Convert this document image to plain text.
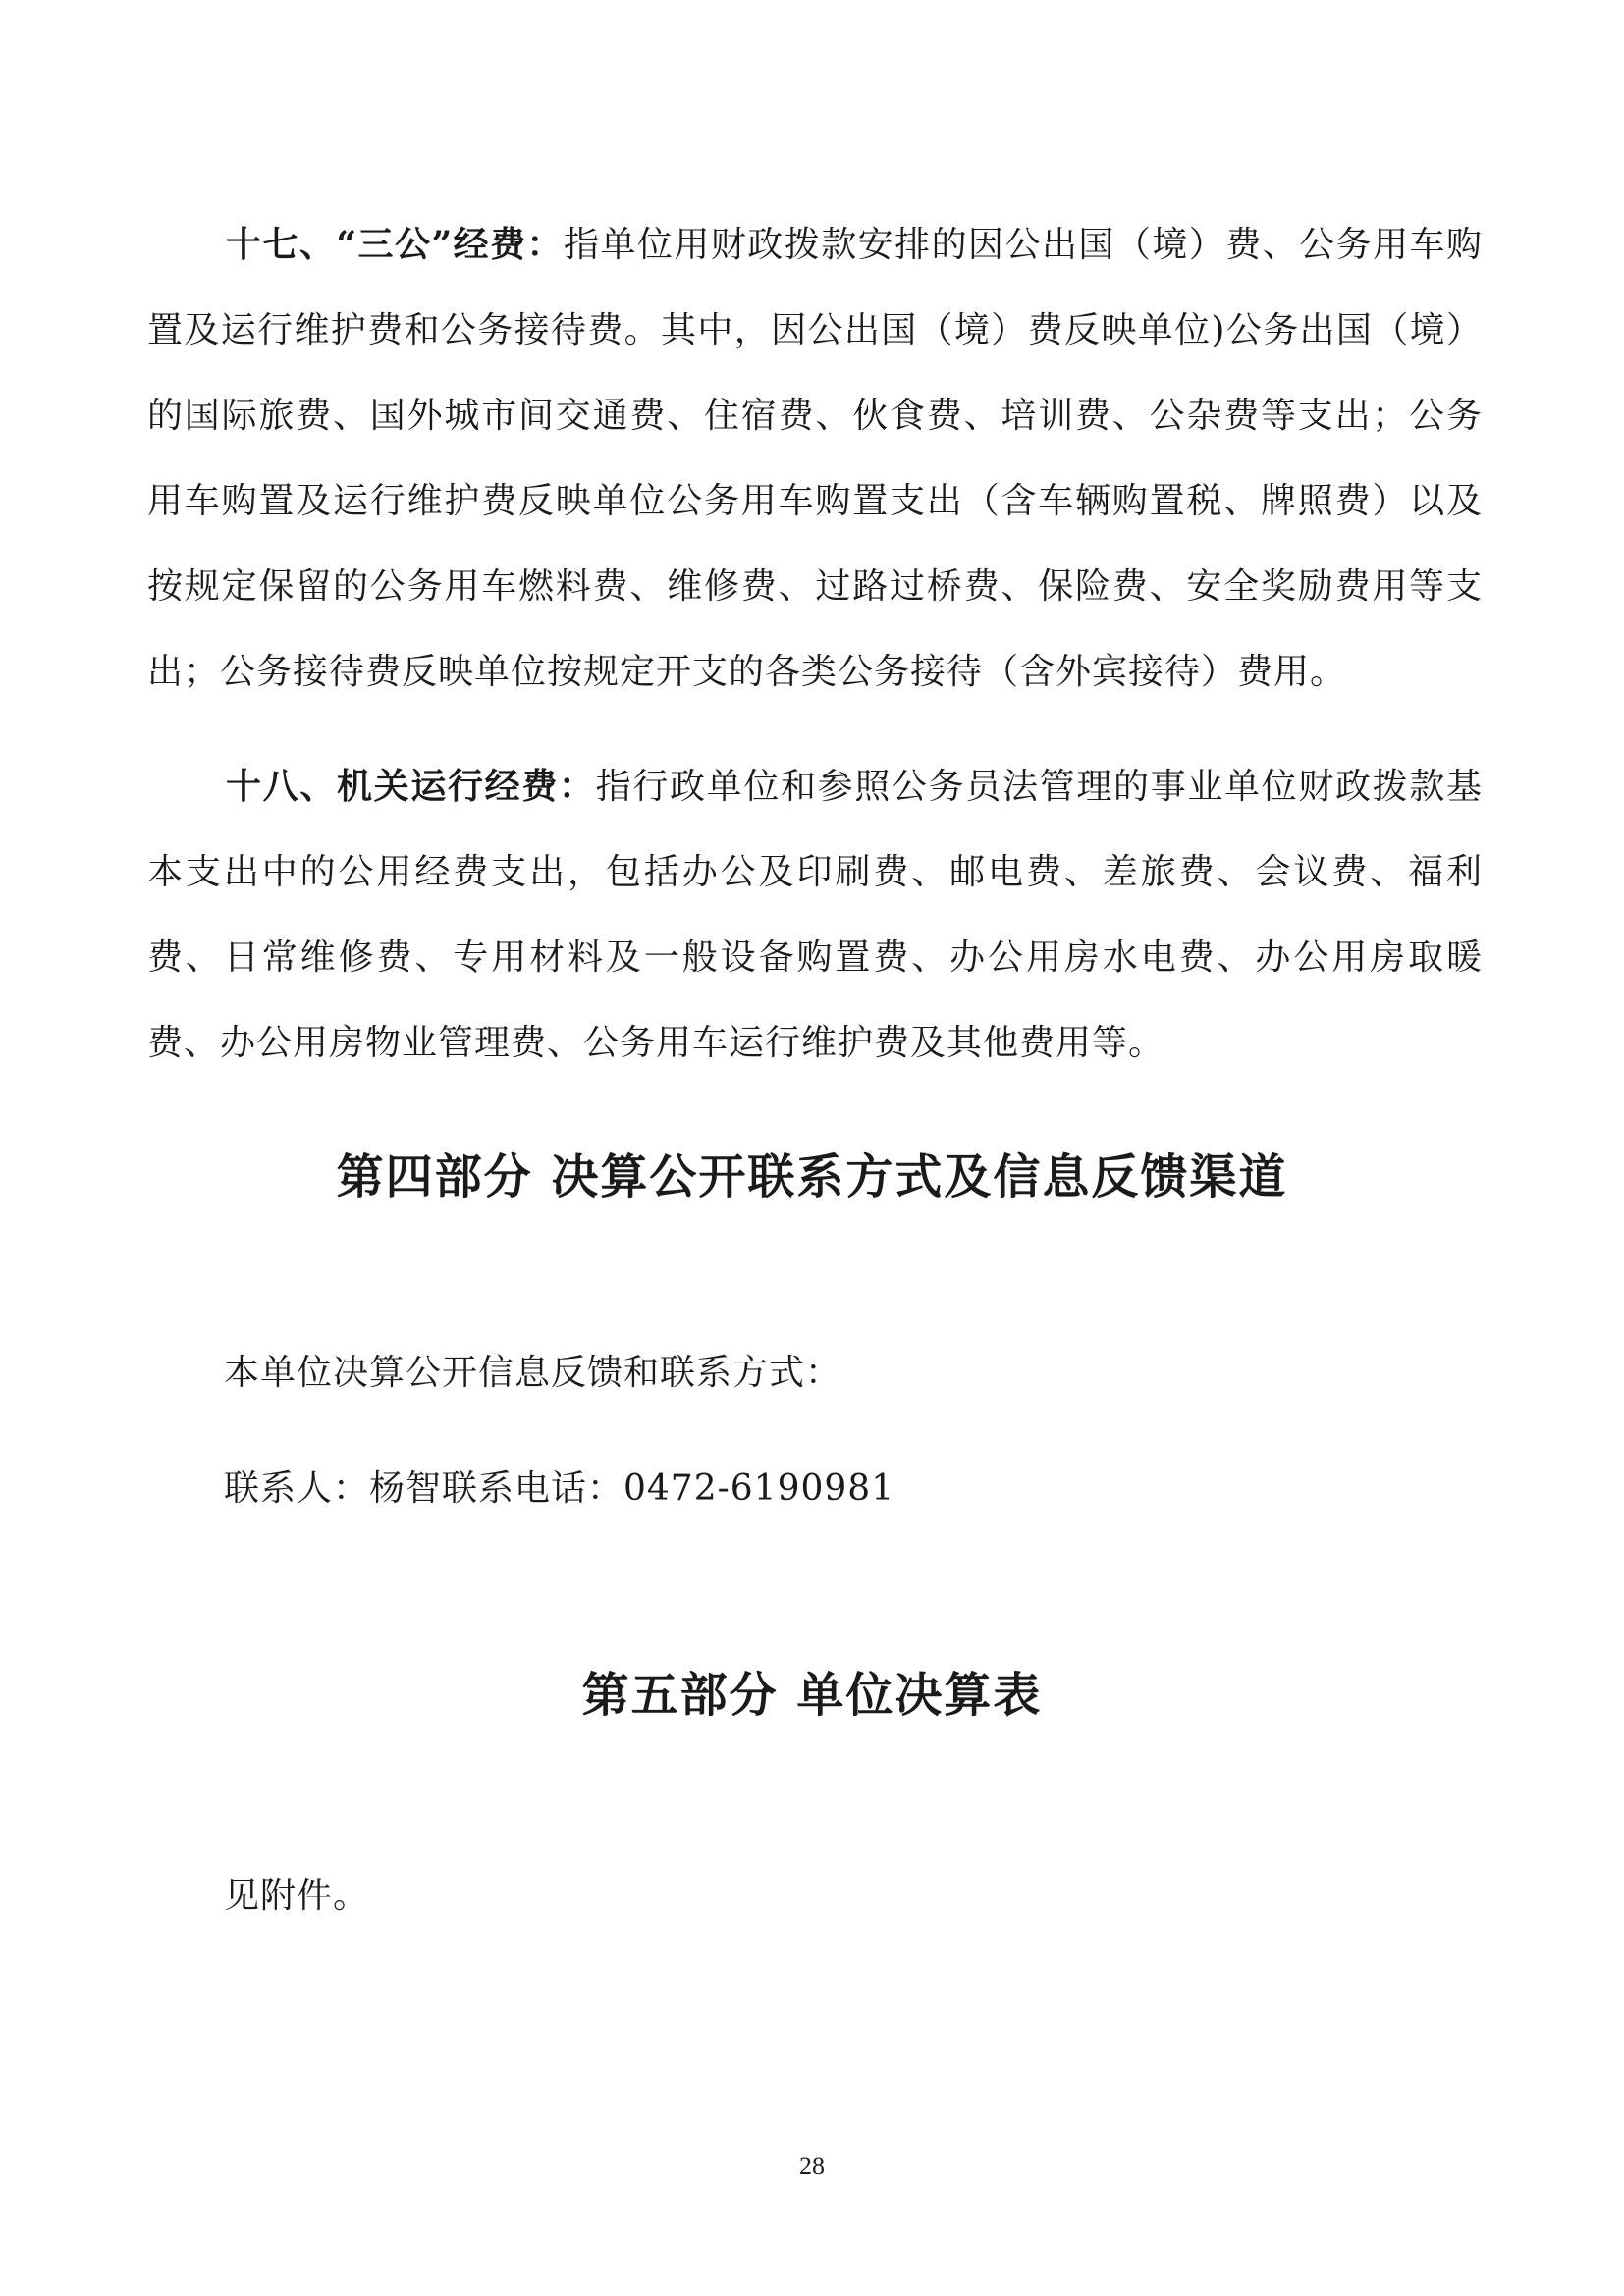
十七、“三公”经费：指单位用财政拨款安排的因公出国（境）费、公务用车购置及运行维护费和公务接待费。其中，因公出国（境）费反映单位)公务出国（境）的国际旅费、国外城市间交通费、住宿费、伙食费、培训费、公杂费等支出；公务用车购置及运行维护费反映单位公务用车购置支出（含车辆购置税、牌照费）以及按规定保留的公务用车燃料费、维修费、过路过桥费、保险费、安全奖励费用等支出；公务接待费反映单位按规定开支的各类公务接待（含外宾接待）费用。

十八、机关运行经费：指行政单位和参照公务员法管理的事业单位财政拨款基本支出中的公用经费支出，包括办公及印刷费、邮电费、差旅费、会议费、福利费、日常维修费、专用材料及一般设备购置费、办公用房水电费、办公用房取暖费、办公用房物业管理费、公务用车运行维护费及其他费用等。

第四部分 决算公开联系方式及信息反馈渠道

本单位决算公开信息反馈和联系方式：

联系人：杨智联系电话：0472-6190981

第五部分 单位决算表

见附件。

28
